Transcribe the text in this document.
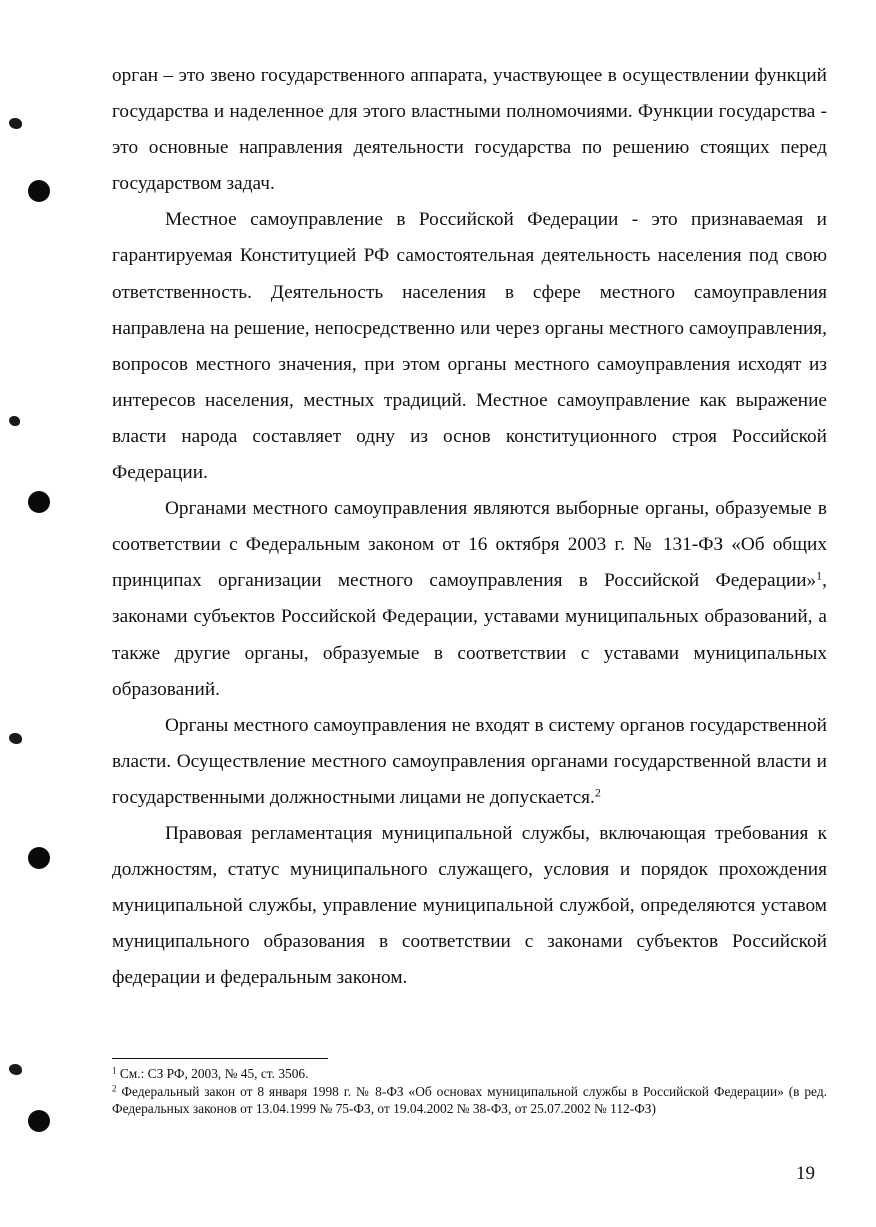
орган – это звено государственного аппарата, участвующее в осуществлении функций государства и наделенное для этого властными полномочиями. Функции государства - это основные направления деятельности государства по решению стоящих перед государством задач.

Местное самоуправление в Российской Федерации - это признаваемая и гарантируемая Конституцией РФ самостоятельная деятельность населения под свою ответственность. Деятельность населения в сфере местного самоуправления направлена на решение, непосредственно или через органы местного самоуправления, вопросов местного значения, при этом органы местного самоуправления исходят из интересов населения, местных традиций. Местное самоуправление как выражение власти народа составляет одну из основ конституционного строя Российской Федерации.

Органами местного самоуправления являются выборные органы, образуемые в соответствии с Федеральным законом от 16 октября 2003 г. № 131-ФЗ «Об общих принципах организации местного самоуправления в Российской Федерации»$^1$, законами субъектов Российской Федерации, уставами муниципальных образований, а также другие органы, образуемые в соответствии с уставами муниципальных образований.

Органы местного самоуправления не входят в систему органов государственной власти. Осуществление местного самоуправления органами государственной власти и государственными должностными лицами не допускается.$^2$

Правовая регламентация муниципальной службы, включающая требования к должностям, статус муниципального служащего, условия и порядок прохождения муниципальной службы, управление муниципальной службой, определяются уставом муниципального образования в соответствии с законами субъектов Российской федерации и федеральным законом.

$^1$ См.: СЗ РФ, 2003, № 45, ст. 3506.

$^2$ Федеральный закон от 8 января 1998 г. № 8-ФЗ «Об основах муниципальной службы в Российской Федерации» (в ред. Федеральных законов от 13.04.1999 № 75-ФЗ, от 19.04.2002 № 38-ФЗ, от 25.07.2002 № 112-ФЗ)

19
